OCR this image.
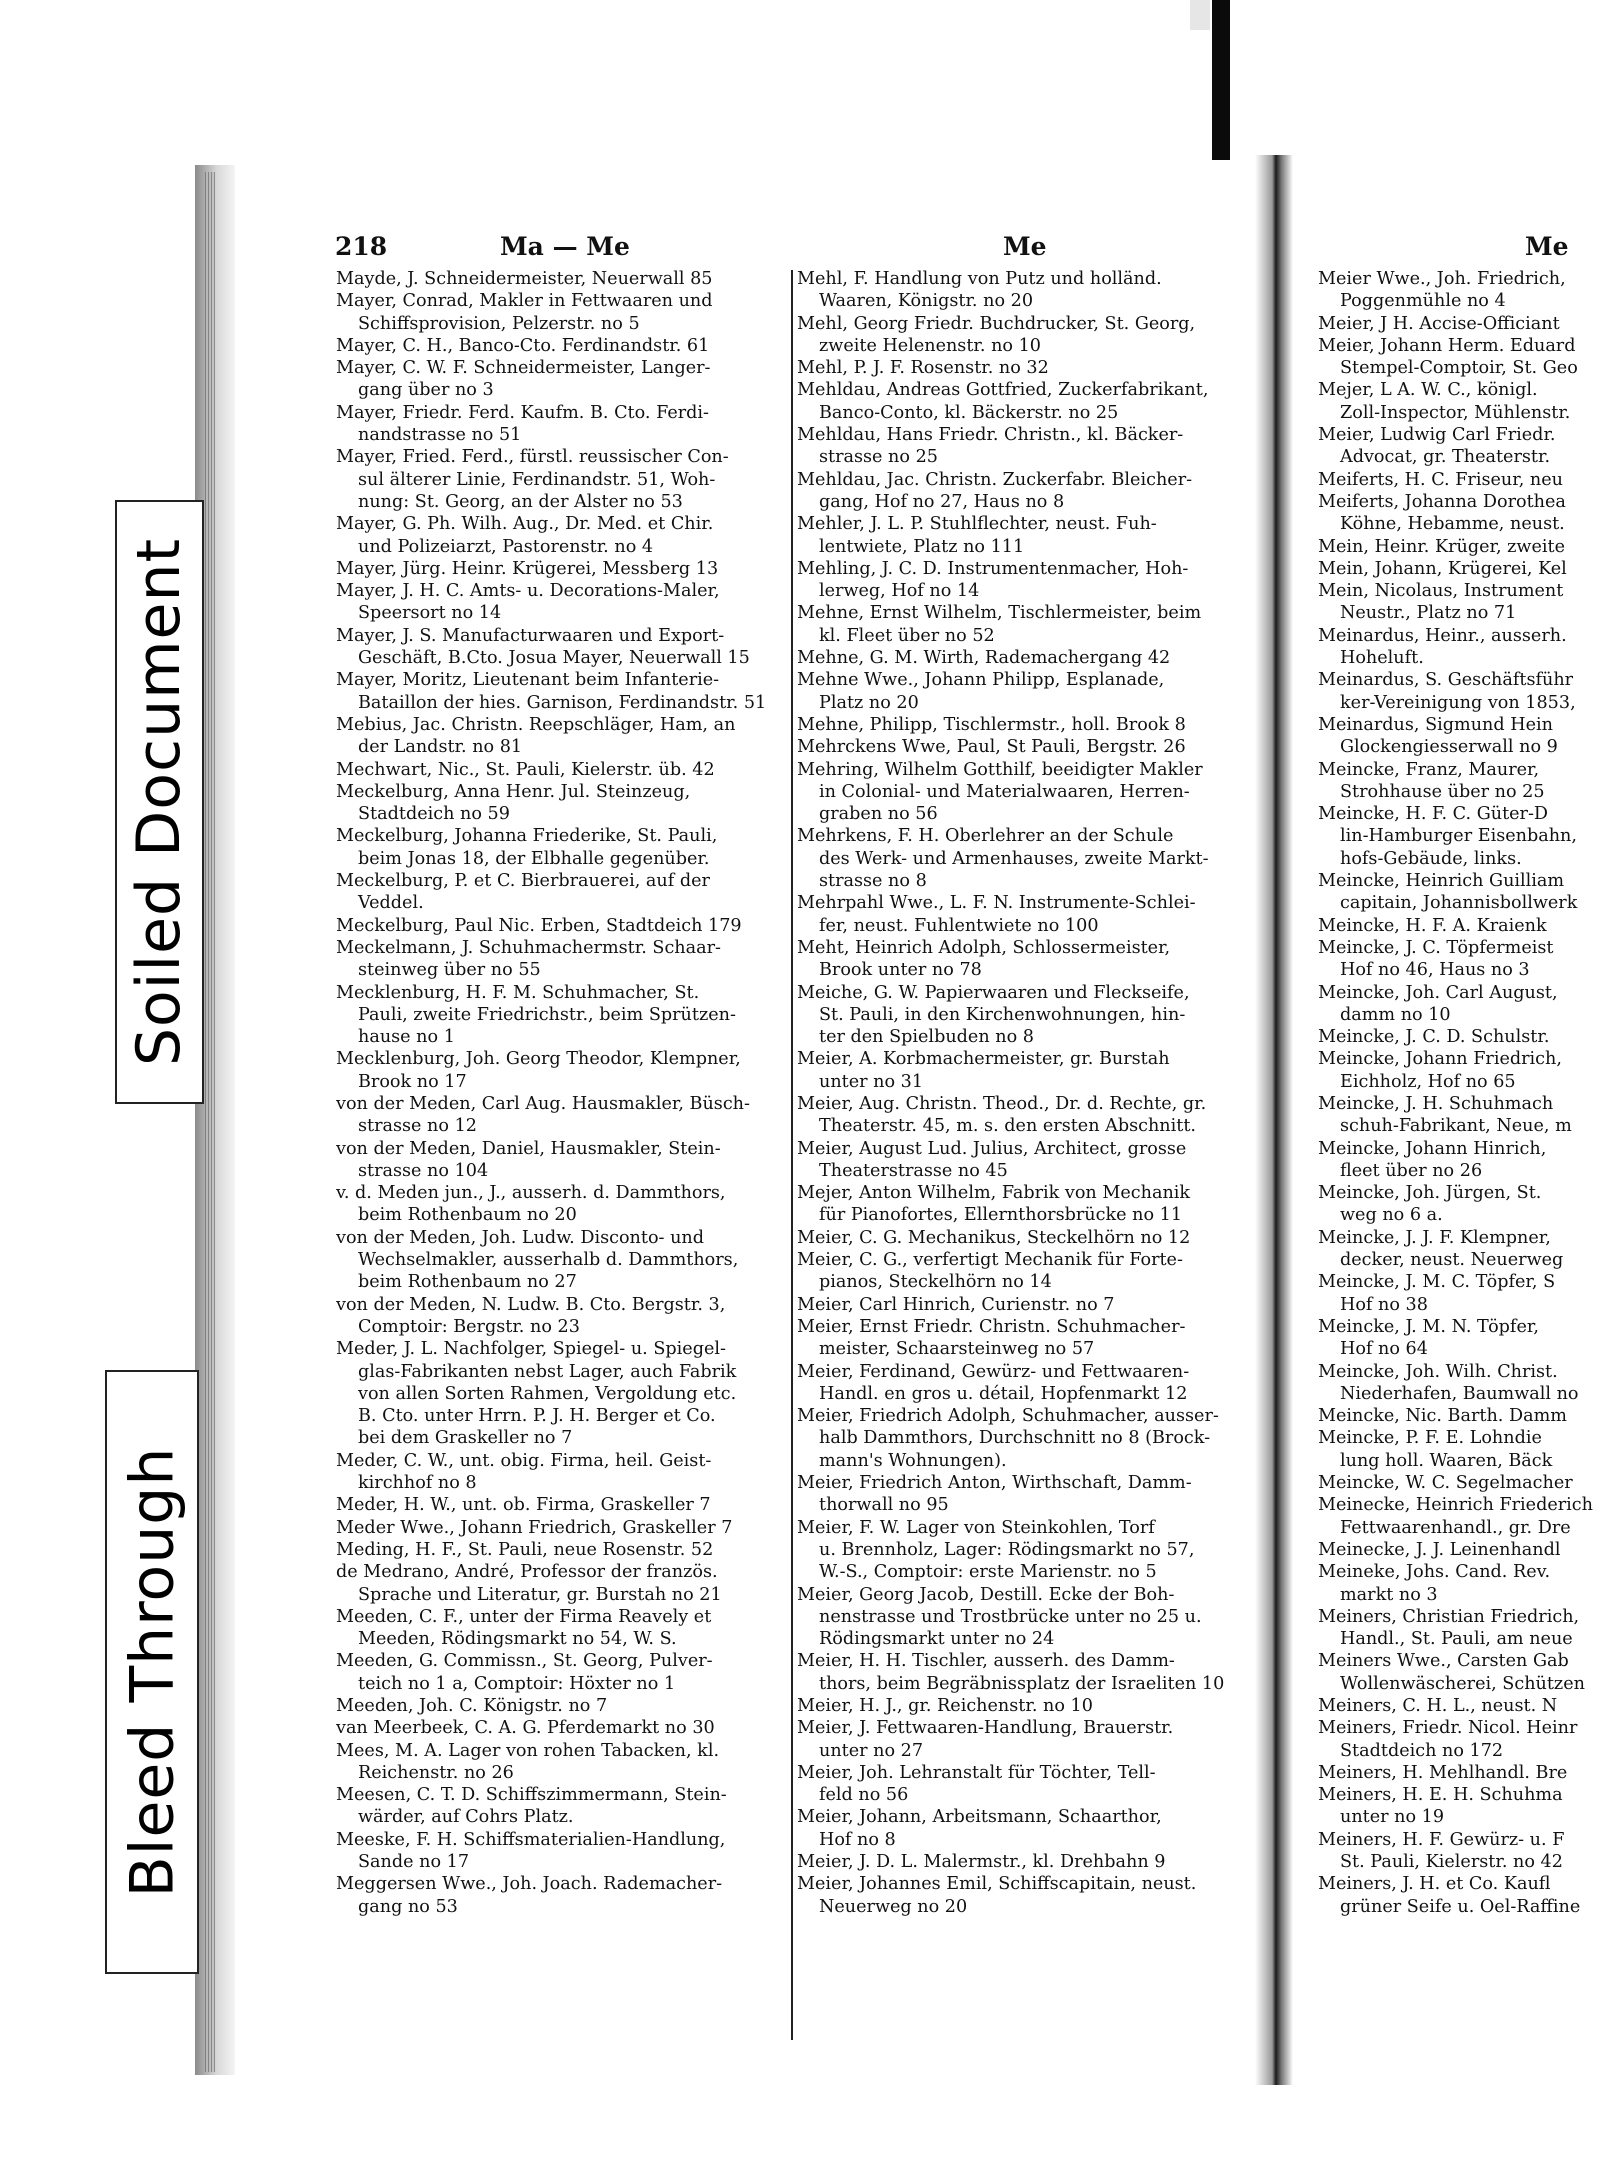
Soiled Document
Bleed Through
218	Ma — Me	Me	Me
Mayde, J. Schneidermeister, Neuerwall 85
Mayer, Conrad, Makler in Fettwaaren und
Schiffsprovision, Pelzerstr. no 5
Mayer, C. H., Banco-Cto. Ferdinandstr. 61
Mayer, C. W. F. Schneidermeister, Langer-
gang über no 3
Mayer, Friedr. Ferd. Kaufm. B. Cto. Ferdi-
nandstrasse no 51
Mayer, Fried. Ferd., fürstl. reussischer Con-
sul älterer Linie, Ferdinandstr. 51, Woh-
nung: St. Georg, an der Alster no 53
Mayer, G. Ph. Wilh. Aug., Dr. Med. et Chir.
und Polizeiarzt, Pastorenstr. no 4
Mayer, Jürg. Heinr. Krügerei, Messberg 13
Mayer, J. H. C. Amts- u. Decorations-Maler,
Speersort no 14
Mayer, J. S. Manufacturwaaren und Export-
Geschäft, B.Cto. Josua Mayer, Neuerwall 15
Mayer, Moritz, Lieutenant beim Infanterie-
Bataillon der hies. Garnison, Ferdinandstr. 51
Mebius, Jac. Christn. Reepschläger, Ham, an
der Landstr. no 81
Mechwart, Nic., St. Pauli, Kielerstr. üb. 42
Meckelburg, Anna Henr. Jul. Steinzeug,
Stadtdeich no 59
Meckelburg, Johanna Friederike, St. Pauli,
beim Jonas 18, der Elbhalle gegenüber.
Meckelburg, P. et C. Bierbrauerei, auf der
Veddel.
Meckelburg, Paul Nic. Erben, Stadtdeich 179
Meckelmann, J. Schuhmachermstr. Schaar-
steinweg über no 55
Mecklenburg, H. F. M. Schuhmacher, St.
Pauli, zweite Friedrichstr., beim Sprützen-
hause no 1
Mecklenburg, Joh. Georg Theodor, Klempner,
Brook no 17
von der Meden, Carl Aug. Hausmakler, Büsch-
strasse no 12
von der Meden, Daniel, Hausmakler, Stein-
strasse no 104
v. d. Meden jun., J., ausserh. d. Dammthors,
beim Rothenbaum no 20
von der Meden, Joh. Ludw. Disconto- und
Wechselmakler, ausserhalb d. Dammthors,
beim Rothenbaum no 27
von der Meden, N. Ludw. B. Cto. Bergstr. 3,
Comptoir: Bergstr. no 23
Meder, J. L. Nachfolger, Spiegel- u. Spiegel-
glas-Fabrikanten nebst Lager, auch Fabrik
von allen Sorten Rahmen, Vergoldung etc.
B. Cto. unter Hrrn. P. J. H. Berger et Co.
bei dem Graskeller no 7
Meder, C. W., unt. obig. Firma, heil. Geist-
kirchhof no 8
Meder, H. W., unt. ob. Firma, Graskeller 7
Meder Wwe., Johann Friedrich, Graskeller 7
Meding, H. F., St. Pauli, neue Rosenstr. 52
de Medrano, André, Professor der französ.
Sprache und Literatur, gr. Burstah no 21
Meeden, C. F., unter der Firma Reavely et
Meeden, Rödingsmarkt no 54, W. S.
Meeden, G. Commissn., St. Georg, Pulver-
teich no 1 a, Comptoir: Höxter no 1
Meeden, Joh. C. Königstr. no 7
van Meerbeek, C. A. G. Pferdemarkt no 30
Mees, M. A. Lager von rohen Tabacken, kl.
Reichenstr. no 26
Meesen, C. T. D. Schiffszimmermann, Stein-
wärder, auf Cohrs Platz.
Meeske, F. H. Schiffsmaterialien-Handlung,
Sande no 17
Meggersen Wwe., Joh. Joach. Rademacher-
gang no 53
Mehl, F. Handlung von Putz und holländ.
Waaren, Königstr. no 20
Mehl, Georg Friedr. Buchdrucker, St. Georg,
zweite Helenenstr. no 10
Mehl, P. J. F. Rosenstr. no 32
Mehldau, Andreas Gottfried, Zuckerfabrikant,
Banco-Conto, kl. Bäckerstr. no 25
Mehldau, Hans Friedr. Christn., kl. Bäcker-
strasse no 25
Mehldau, Jac. Christn. Zuckerfabr. Bleicher-
gang, Hof no 27, Haus no 8
Mehler, J. L. P. Stuhlflechter, neust. Fuh-
lentwiete, Platz no 111
Mehling, J. C. D. Instrumentenmacher, Hoh-
lerweg, Hof no 14
Mehne, Ernst Wilhelm, Tischlermeister, beim
kl. Fleet über no 52
Mehne, G. M. Wirth, Rademachergang 42
Mehne Wwe., Johann Philipp, Esplanade,
Platz no 20
Mehne, Philipp, Tischlermstr., holl. Brook 8
Mehrckens Wwe, Paul, St Pauli, Bergstr. 26
Mehring, Wilhelm Gotthilf, beeidigter Makler
in Colonial- und Materialwaaren, Herren-
graben no 56
Mehrkens, F. H. Oberlehrer an der Schule
des Werk- und Armenhauses, zweite Markt-
strasse no 8
Mehrpahl Wwe., L. F. N. Instrumente-Schlei-
fer, neust. Fuhlentwiete no 100
Meht, Heinrich Adolph, Schlossermeister,
Brook unter no 78
Meiche, G. W. Papierwaaren und Fleckseife,
St. Pauli, in den Kirchenwohnungen, hin-
ter den Spielbuden no 8
Meier, A. Korbmachermeister, gr. Burstah
unter no 31
Meier, Aug. Christn. Theod., Dr. d. Rechte, gr.
Theaterstr. 45, m. s. den ersten Abschnitt.
Meier, August Lud. Julius, Architect, grosse
Theaterstrasse no 45
Mejer, Anton Wilhelm, Fabrik von Mechanik
für Pianofortes, Ellernthorsbrücke no 11
Meier, C. G. Mechanikus, Steckelhörn no 12
Meier, C. G., verfertigt Mechanik für Forte-
pianos, Steckelhörn no 14
Meier, Carl Hinrich, Curienstr. no 7
Meier, Ernst Friedr. Christn. Schuhmacher-
meister, Schaarsteinweg no 57
Meier, Ferdinand, Gewürz- und Fettwaaren-
Handl. en gros u. détail, Hopfenmarkt 12
Meier, Friedrich Adolph, Schuhmacher, ausser-
halb Dammthors, Durchschnitt no 8 (Brock-
mann's Wohnungen).
Meier, Friedrich Anton, Wirthschaft, Damm-
thorwall no 95
Meier, F. W. Lager von Steinkohlen, Torf
u. Brennholz, Lager: Rödingsmarkt no 57,
W.-S., Comptoir: erste Marienstr. no 5
Meier, Georg Jacob, Destill. Ecke der Boh-
nenstrasse und Trostbrücke unter no 25 u.
Rödingsmarkt unter no 24
Meier, H. H. Tischler, ausserh. des Damm-
thors, beim Begräbnissplatz der Israeliten 10
Meier, H. J., gr. Reichenstr. no 10
Meier, J. Fettwaaren-Handlung, Brauerstr.
unter no 27
Meier, Joh. Lehranstalt für Töchter, Tell-
feld no 56
Meier, Johann, Arbeitsmann, Schaarthor,
Hof no 8
Meier, J. D. L. Malermstr., kl. Drehbahn 9
Meier, Johannes Emil, Schiffscapitain, neust.
Neuerweg no 20
Meier Wwe., Joh. Friedrich,
Poggenmühle no 4
Meier, J H. Accise-Officiant
Meier, Johann Herm. Eduard
Stempel-Comptoir, St. Geo
Mejer, L A. W. C., königl.
Zoll-Inspector, Mühlenstr.
Meier, Ludwig Carl Friedr.
Advocat, gr. Theaterstr.
Meiferts, H. C. Friseur, neu
Meiferts, Johanna Dorothea
Köhne, Hebamme, neust.
Mein, Heinr. Krüger, zweite
Mein, Johann, Krügerei, Kel
Mein, Nicolaus, Instrument
Neustr., Platz no 71
Meinardus, Heinr., ausserh.
Hoheluft.
Meinardus, S. Geschäftsführ
ker-Vereinigung von 1853,
Meinardus, Sigmund Hein
Glockengiesserwall no 9
Meincke, Franz, Maurer,
Strohhause über no 25
Meincke, H. F. C. Güter-D
lin-Hamburger Eisenbahn,
hofs-Gebäude, links.
Meincke, Heinrich Guilliam
capitain, Johannisbollwerk
Meincke, H. F. A. Kraienk
Meincke, J. C. Töpfermeist
Hof no 46, Haus no 3
Meincke, Joh. Carl August,
damm no 10
Meincke, J. C. D. Schulstr.
Meincke, Johann Friedrich,
Eichholz, Hof no 65
Meincke, J. H. Schuhmach
schuh-Fabrikant, Neue, m
Meincke, Johann Hinrich,
fleet über no 26
Meincke, Joh. Jürgen, St.
weg no 6 a.
Meincke, J. J. F. Klempner,
decker, neust. Neuerweg
Meincke, J. M. C. Töpfer, S
Hof no 38
Meincke, J. M. N. Töpfer,
Hof no 64
Meincke, Joh. Wilh. Christ.
Niederhafen, Baumwall no
Meincke, Nic. Barth. Damm
Meincke, P. F. E. Lohndie
lung holl. Waaren, Bäck
Meincke, W. C. Segelmacher
Meinecke, Heinrich Friederich
Fettwaarenhandl., gr. Dre
Meinecke, J. J. Leinenhandl
Meineke, Johs. Cand. Rev.
markt no 3
Meiners, Christian Friedrich,
Handl., St. Pauli, am neue
Meiners Wwe., Carsten Gab
Wollenwäscherei, Schützen
Meiners, C. H. L., neust. N
Meiners, Friedr. Nicol. Heinr
Stadtdeich no 172
Meiners, H. Mehlhandl. Bre
Meiners, H. E. H. Schuhma
unter no 19
Meiners, H. F. Gewürz- u. F
St. Pauli, Kielerstr. no 42
Meiners, J. H. et Co. Kaufl
grüner Seife u. Oel-Raffine
